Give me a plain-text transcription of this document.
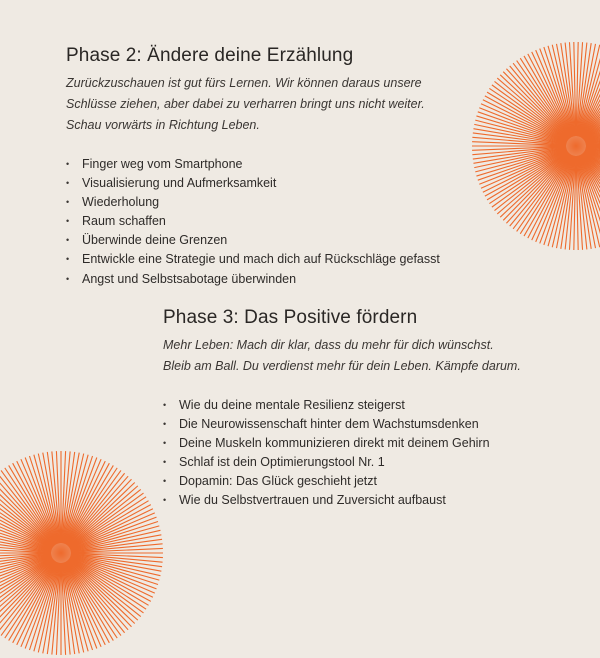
Phase 2: Ändere deine Erzählung

Zurückzuschauen ist gut fürs Lernen. Wir können daraus unsere

Schlüsse ziehen, aber dabei zu verharren bringt uns nicht weiter.

Schau vorwärts in Richtung Leben.

• Finger weg vom Smartphone
• Visualisierung und Aufmerksamkeit
• Wiederholung
• Raum schaffen
• Überwinde deine Grenzen
• Entwickle eine Strategie und mach dich auf Rückschläge gefasst
• Angst und Selbstsabotage überwinden
Phase 3: Das Positive fördern

Mehr Leben: Mach dir klar, dass du mehr für dich wünschst.

Bleib am Ball. Du verdienst mehr für dein Leben. Kämpfe darum.

• Wie du deine mentale Resilienz steigerst
• Die Neurowissenschaft hinter dem Wachstumsdenken
• Deine Muskeln kommunizieren direkt mit deinem Gehirn
• Schlaf ist dein Optimierungstool Nr. 1
• Dopamin: Das Glück geschieht jetzt
• Wie du Selbstvertrauen und Zuversicht aufbaust
